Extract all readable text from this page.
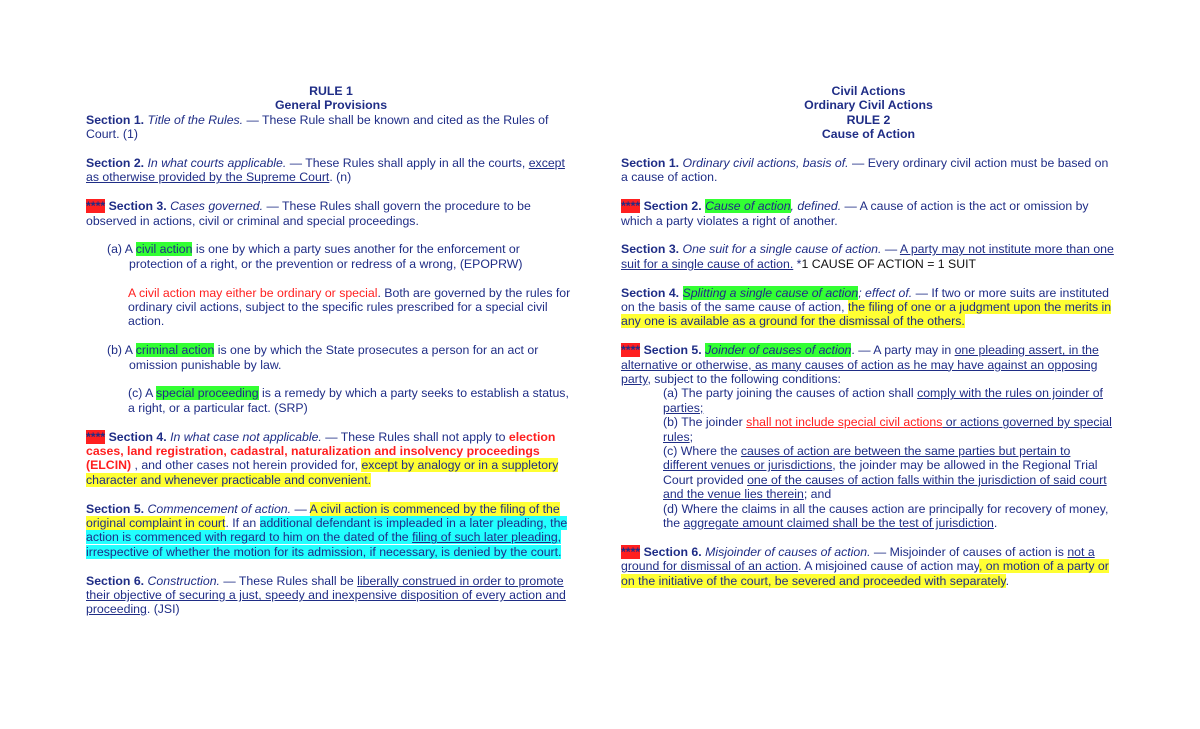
RULE 1
General Provisions
Section 1. Title of the Rules. — These Rule shall be known and cited as the Rules of Court. (1)
Section 2. In what courts applicable. — These Rules shall apply in all the courts, except as otherwise provided by the Supreme Court. (n)
**** Section 3. Cases governed. — These Rules shall govern the procedure to be observed in actions, civil or criminal and special proceedings.
(a) A civil action is one by which a party sues another for the enforcement or protection of a right, or the prevention or redress of a wrong, (EPOPRW)
A civil action may either be ordinary or special. Both are governed by the rules for ordinary civil actions, subject to the specific rules prescribed for a special civil action.
(b) A criminal action is one by which the State prosecutes a person for an act or omission punishable by law.
(c) A special proceeding is a remedy by which a party seeks to establish a status, a right, or a particular fact. (SRP)
**** Section 4. In what case not applicable. — These Rules shall not apply to election cases, land registration, cadastral, naturalization and insolvency proceedings (ELCIN) , and other cases not herein provided for, except by analogy or in a suppletory character and whenever practicable and convenient.
Section 5. Commencement of action. — A civil action is commenced by the filing of the original complaint in court. If an additional defendant is impleaded in a later pleading, the action is commenced with regard to him on the dated of the filing of such later pleading, irrespective of whether the motion for its admission, if necessary, is denied by the court.
Section 6. Construction. — These Rules shall be liberally construed in order to promote their objective of securing a just, speedy and inexpensive disposition of every action and proceeding. (JSI)
Civil Actions
Ordinary Civil Actions
RULE 2
Cause of Action
Section 1. Ordinary civil actions, basis of. — Every ordinary civil action must be based on a cause of action.
**** Section 2. Cause of action, defined. — A cause of action is the act or omission by which a party violates a right of another.
Section 3. One suit for a single cause of action. — A party may not institute more than one suit for a single cause of action. *1 CAUSE OF ACTION = 1 SUIT
Section 4. Splitting a single cause of action; effect of. — If two or more suits are instituted on the basis of the same cause of action, the filing of one or a judgment upon the merits in any one is available as a ground for the dismissal of the others.
**** Section 5. Joinder of causes of action. — A party may in one pleading assert, in the alternative or otherwise, as many causes of action as he may have against an opposing party, subject to the following conditions:
(a) The party joining the causes of action shall comply with the rules on joinder of parties;
(b) The joinder shall not include special civil actions or actions governed by special rules;
(c) Where the causes of action are between the same parties but pertain to different venues or jurisdictions, the joinder may be allowed in the Regional Trial Court provided one of the causes of action falls within the jurisdiction of said court and the venue lies therein; and
(d) Where the claims in all the causes action are principally for recovery of money, the aggregate amount claimed shall be the test of jurisdiction.
**** Section 6. Misjoinder of causes of action. — Misjoinder of causes of action is not a ground for dismissal of an action. A misjoined cause of action may, on motion of a party or on the initiative of the court, be severed and proceeded with separately.
